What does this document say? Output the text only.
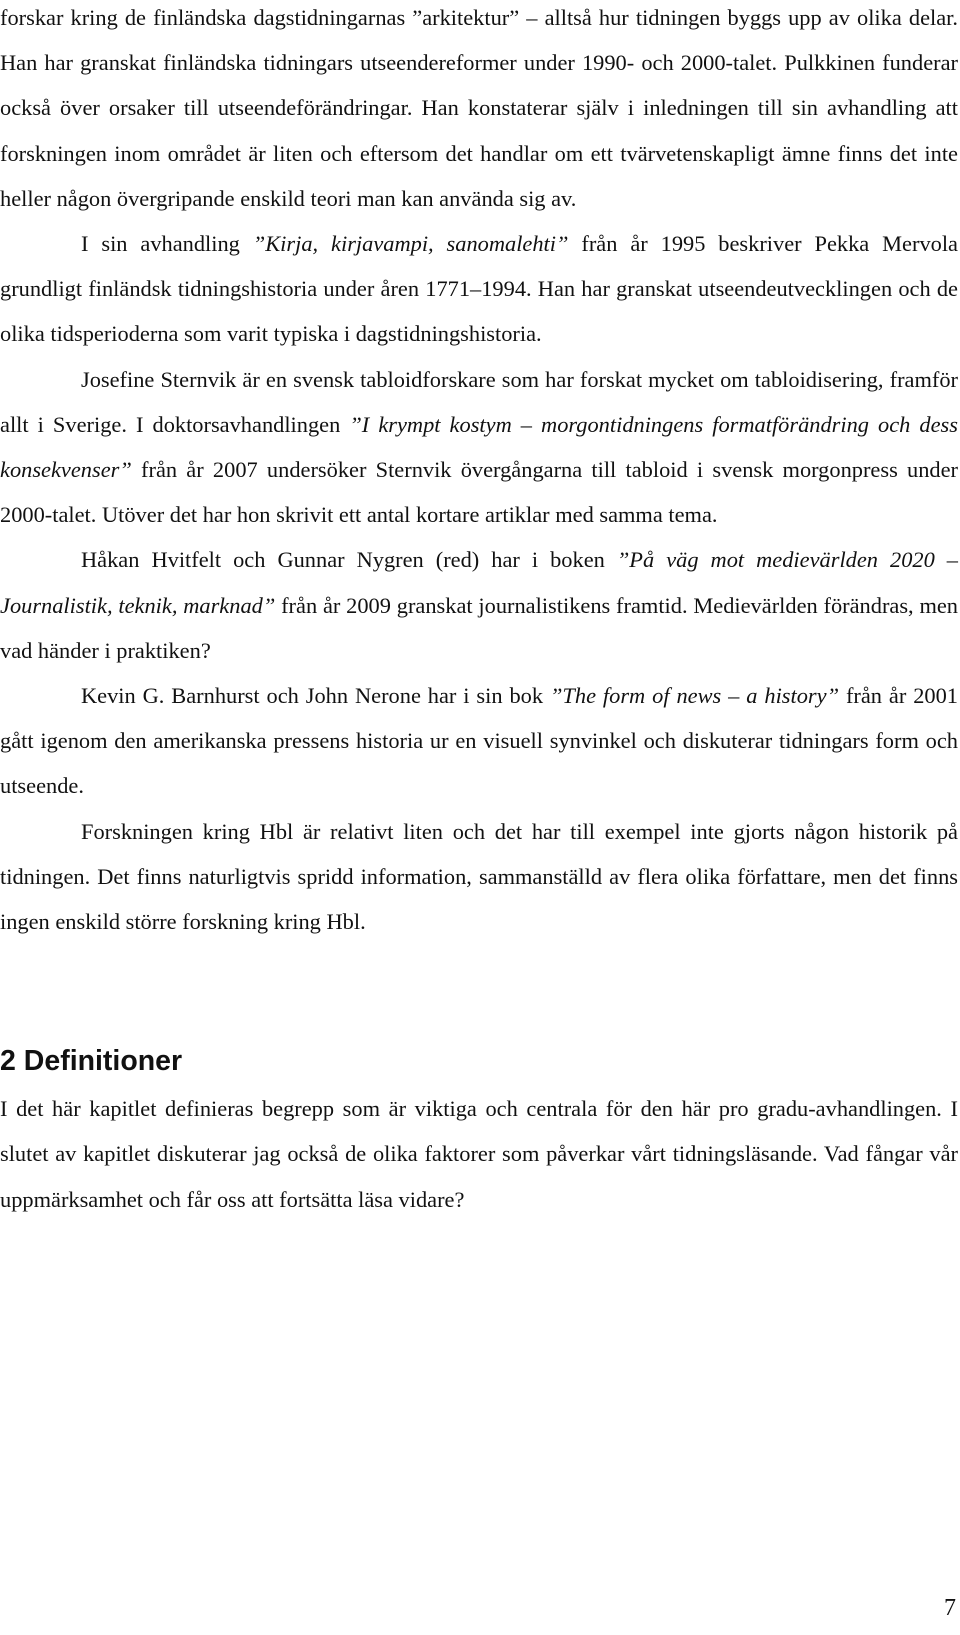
forskar kring de finländska dagstidningarnas ”arkitektur” – alltså hur tidningen byggs upp av olika delar. Han har granskat finländska tidningars utseendereformer under 1990- och 2000-talet. Pulkkinen funderar också över orsaker till utseendeförändringar. Han konstaterar själv i inledningen till sin avhandling att forskningen inom området är liten och eftersom det handlar om ett tvärvetenskapligt ämne finns det inte heller någon övergripande enskild teori man kan använda sig av.

I sin avhandling ”Kirja, kirjavampi, sanomalehti” från år 1995 beskriver Pekka Mervola grundligt finländsk tidningshistoria under åren 1771–1994. Han har granskat utseendeutvecklingen och de olika tidsperioderna som varit typiska i dagstidningshistoria.

Josefine Sternvik är en svensk tabloidforskare som har forskat mycket om tabloidisering, framför allt i Sverige. I doktorsavhandlingen ”I krympt kostym – morgontidningens formatförändring och dess konsekvenser” från år 2007 undersöker Sternvik övergångarna till tabloid i svensk morgonpress under 2000-talet. Utöver det har hon skrivit ett antal kortare artiklar med samma tema.

Håkan Hvitfelt och Gunnar Nygren (red) har i boken ”På väg mot medievärlden 2020 – Journalistik, teknik, marknad” från år 2009 granskat journalistikens framtid. Medievärlden förändras, men vad händer i praktiken?

Kevin G. Barnhurst och John Nerone har i sin bok ”The form of news – a history” från år 2001 gått igenom den amerikanska pressens historia ur en visuell synvinkel och diskuterar tidningars form och utseende.

Forskningen kring Hbl är relativt liten och det har till exempel inte gjorts någon historik på tidningen. Det finns naturligtvis spridd information, sammanställd av flera olika författare, men det finns ingen enskild större forskning kring Hbl.

2 Definitioner

I det här kapitlet definieras begrepp som är viktiga och centrala för den här pro gradu-avhandlingen. I slutet av kapitlet diskuterar jag också de olika faktorer som påverkar vårt tidningsläsande. Vad fångar vår uppmärksamhet och får oss att fortsätta läsa vidare?

7
